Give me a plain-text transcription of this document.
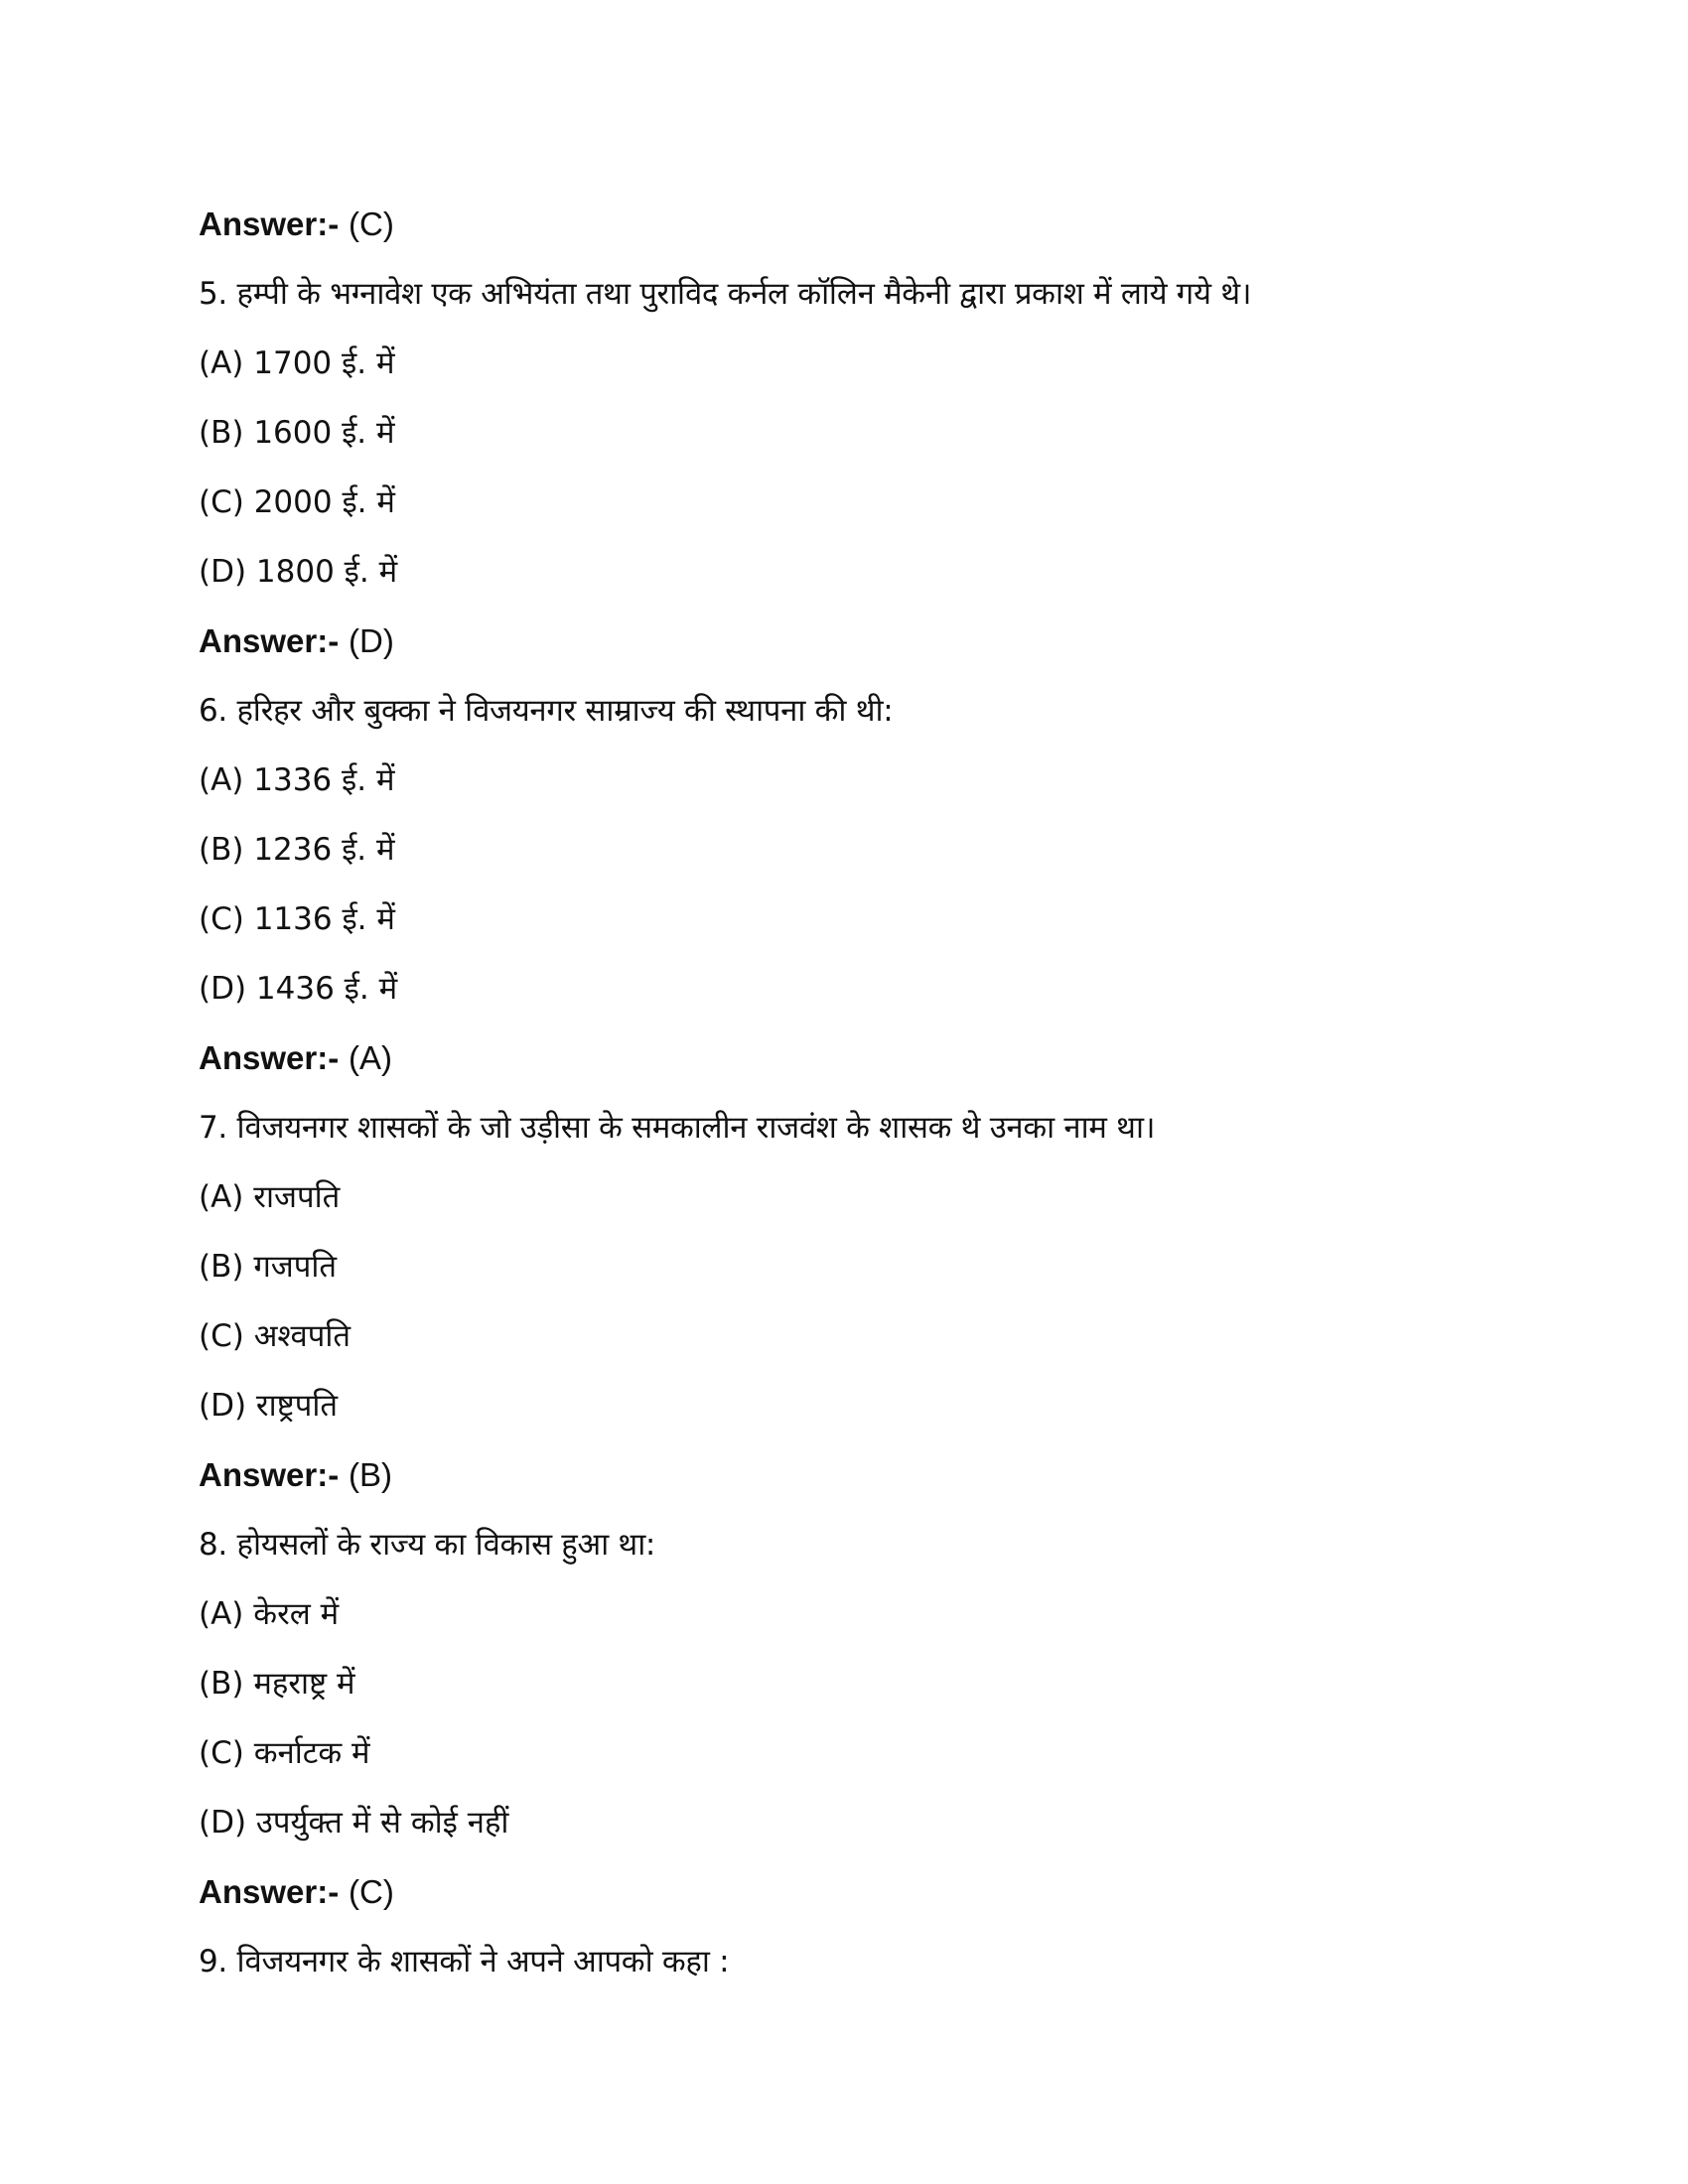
Answer:- (C)
5. हम्पी के भग्नावेश एक अभियंता तथा पुराविद कर्नल कॉलिन मैकेनी द्वारा प्रकाश में लाये गये थे।
(A) 1700 ई. में
(B) 1600 ई. में
(C) 2000 ई. में
(D) 1800 ई. में
Answer:- (D)
6. हरिहर और बुक्का ने विजयनगर साम्राज्य की स्थापना की थी:
(A) 1336 ई. में
(B) 1236 ई. में
(C) 1136 ई. में
(D) 1436 ई. में
Answer:- (A)
7. विजयनगर शासकों के जो उड़ीसा के समकालीन राजवंश के शासक थे उनका नाम था।
(A) राजपति
(B) गजपति
(C) अश्वपति
(D) राष्ट्रपति
Answer:- (B)
8. होयसलों के राज्य का विकास हुआ था:
(A) केरल में
(B) महराष्ट्र में
(C) कर्नाटक में
(D) उपर्युक्त में से कोई नहीं
Answer:- (C)
9. विजयनगर के शासकों ने अपने आपको कहा :
